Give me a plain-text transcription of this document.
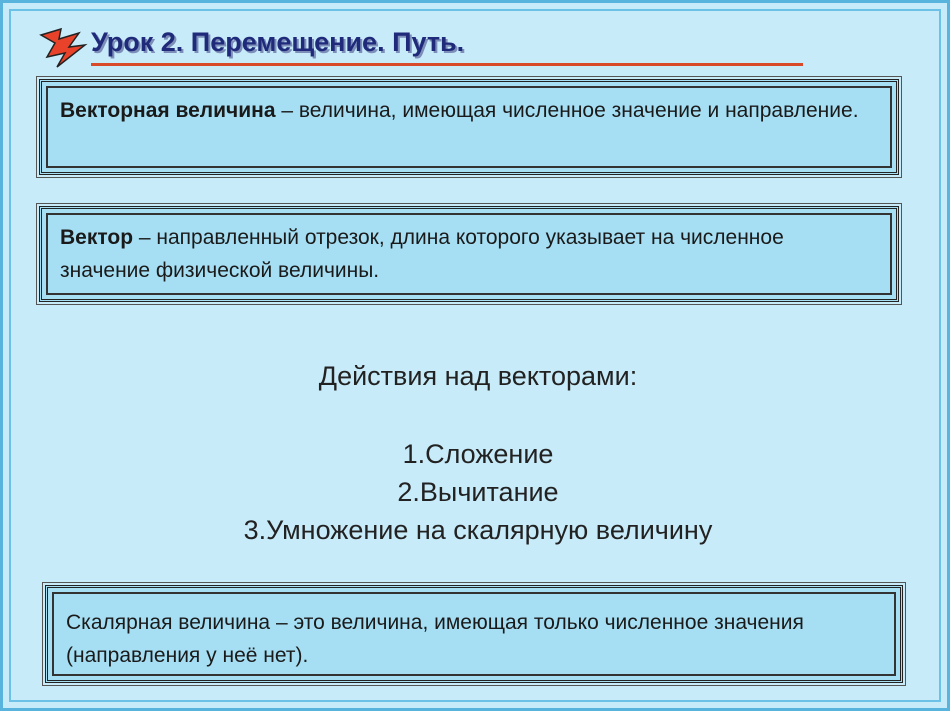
Урок 2. Перемещение. Путь.
Векторная величина – величина, имеющая численное значение и направление.
Вектор – направленный отрезок, длина которого указывает на численное значение физической величины.
Действия над векторами:
1.Сложение
2.Вычитание
3.Умножение на скалярную величину
Скалярная величина – это величина, имеющая только численное значения (направления у неё нет).
